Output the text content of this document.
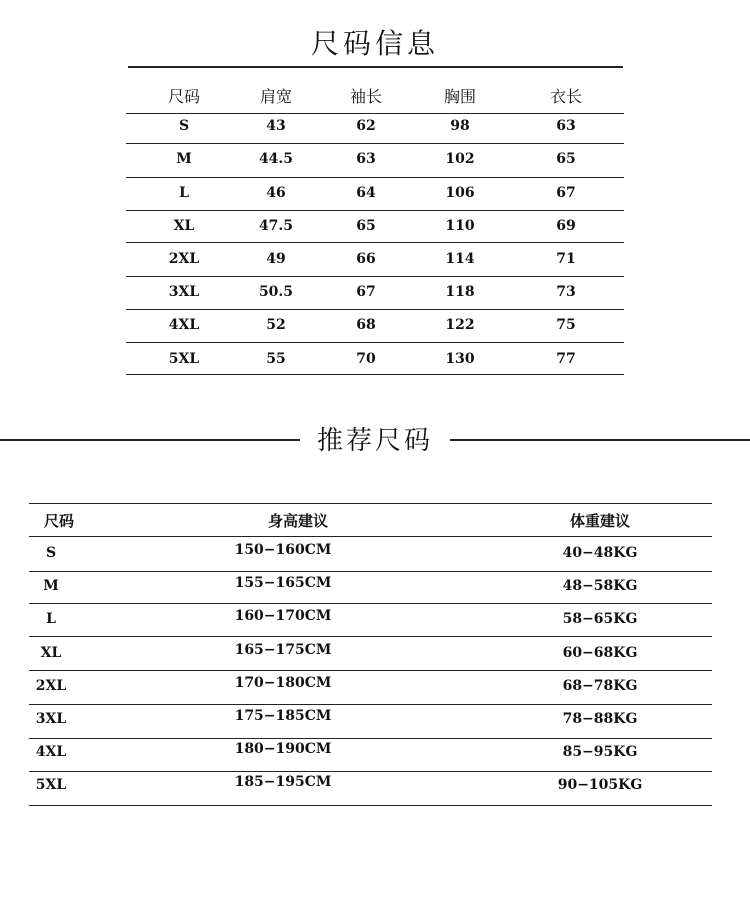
尺码信息
尺码	肩宽	袖长	胸围	衣长
S	43	62	98	63
M	44.5	63	102	65
L	46	64	106	67
XL	47.5	65	110	69
2XL	49	66	114	71
3XL	50.5	67	118	73
4XL	52	68	122	75
5XL	55	70	130	77
推荐尺码
尺码	身高建议	体重建议
S	150−160CM	40−48KG
M	155−165CM	48−58KG
L	160−170CM	58−65KG
XL	165−175CM	60−68KG
2XL	170−180CM	68−78KG
3XL	175−185CM	78−88KG
4XL	180−190CM	85−95KG
5XL	185−195CM	90−105KG
